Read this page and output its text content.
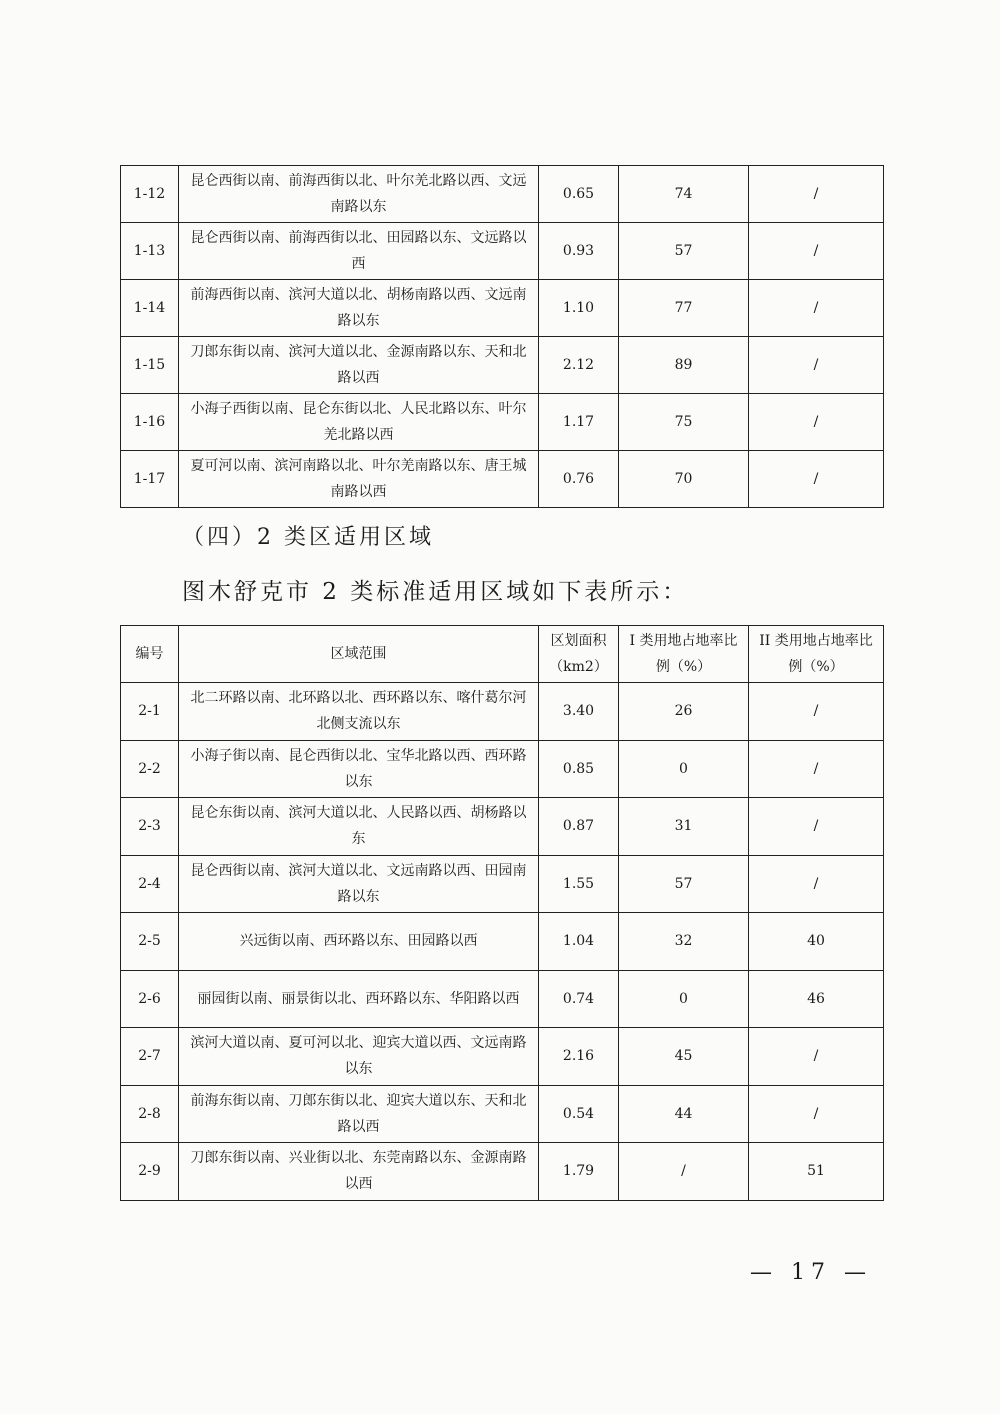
1-12	昆仑西街以南、前海西街以北、叶尔羌北路以西、文远南路以东	0.65	74	/
1-13	昆仑西街以南、前海西街以北、田园路以东、文远路以西	0.93	57	/
1-14	前海西街以南、滨河大道以北、胡杨南路以西、文远南路以东	1.10	77	/
1-15	刀郎东街以南、滨河大道以北、金源南路以东、天和北路以西	2.12	89	/
1-16	小海子西街以南、昆仑东街以北、人民北路以东、叶尔羌北路以西	1.17	75	/
1-17	夏可河以南、滨河南路以北、叶尔羌南路以东、唐王城南路以西	0.76	70	/
（四）2 类区适用区域
图木舒克市 2 类标准适用区域如下表所示：
编号	区域范围	区划面积（km2）	I 类用地占地率比例（%）	II 类用地占地率比例（%）
2-1	北二环路以南、北环路以北、西环路以东、喀什葛尔河北侧支流以东	3.40	26	/
2-2	小海子街以南、昆仑西街以北、宝华北路以西、西环路以东	0.85	0	/
2-3	昆仑东街以南、滨河大道以北、人民路以西、胡杨路以东	0.87	31	/
2-4	昆仑西街以南、滨河大道以北、文远南路以西、田园南路以东	1.55	57	/
2-5	兴远街以南、西环路以东、田园路以西	1.04	32	40
2-6	丽园街以南、丽景街以北、西环路以东、华阳路以西	0.74	0	46
2-7	滨河大道以南、夏可河以北、迎宾大道以西、文远南路以东	2.16	45	/
2-8	前海东街以南、刀郎东街以北、迎宾大道以东、天和北路以西	0.54	44	/
2-9	刀郎东街以南、兴业街以北、东莞南路以东、金源南路以西	1.79	/	51
— 17 —
